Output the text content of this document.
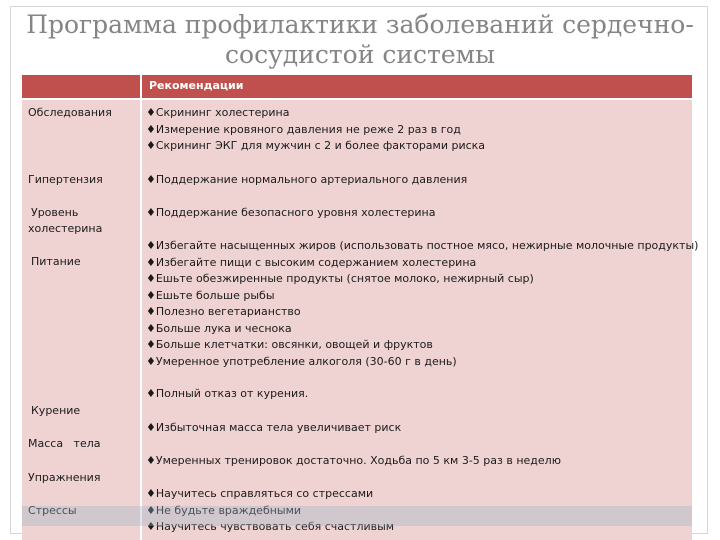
Программа профилактики заболеваний сердечно-
сосудистой системы
Рекомендации
Обследования	♦Скрининг холестерина
♦Измерение кровяного давления не реже 2 раз в год
♦Скрининг ЭКГ для мужчин с 2 и более факторами риска
Гипертензия	♦Поддержание нормального артериального давления
Уровень
холестерина
♦Поддержание безопасного уровня холестерина
Питание
♦Избегайте насыщенных жиров (использовать постное мясо, нежирные молочные продукты)
♦Избегайте пищи с высоким содержанием холестерина
♦Ешьте обезжиренные продукты (снятое молоко, нежирный сыр)
♦Ешьте больше рыбы
♦Полезно вегетарианство
♦Больше лука и чеснока
♦Больше клетчатки: овсянки, овощей и фруктов
♦Умеренное употребление алкоголя (30-60 г в день)
♦Полный отказ от курения.
Курение
♦Избыточная масса тела увеличивает риск
Масса   тела
♦Умеренных тренировок достаточно. Ходьба по 5 км 3-5 раз в неделю
Упражнения
♦Научитесь справляться со стрессами
♦Не будьте враждебными
♦Научитесь чувствовать себя счастливым
Стрессы
